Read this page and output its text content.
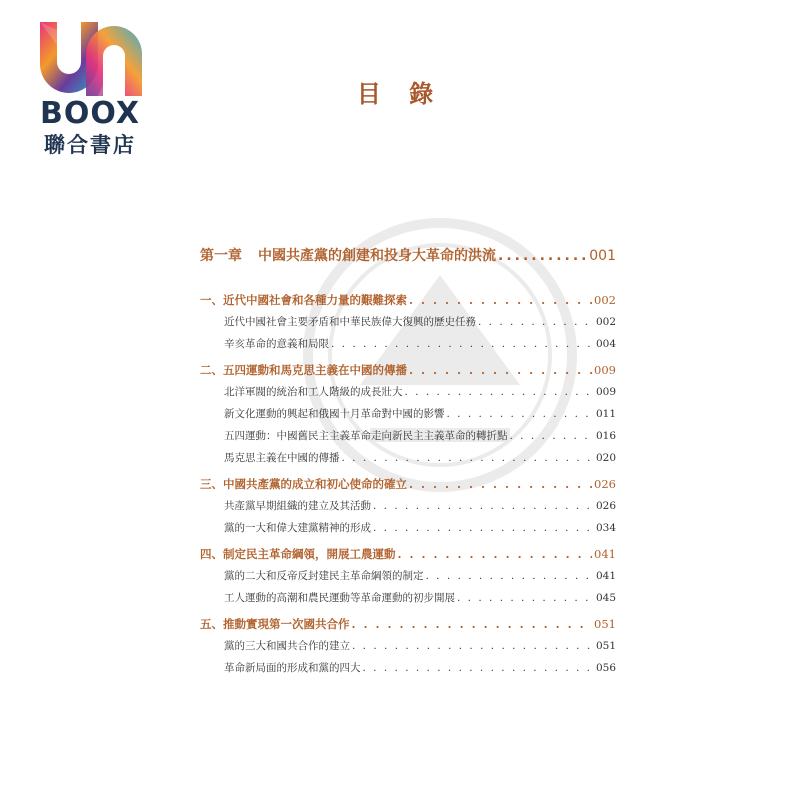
BOOX
聯合書店
目 錄
第一章 中國共產黨的創建和投身大革命的洪流 .....	001
一、近代中國社會和各種力量的艱難探索 . . .	002
近代中國社會主要矛盾和中華民族偉大復興的歷史任務 . . .	002
辛亥革命的意義和局限 . . .	004
二、五四運動和馬克思主義在中國的傳播 . . .	009
北洋軍閥的統治和工人階級的成長壯大 . . .	009
新文化運動的興起和俄國十月革命對中國的影響 . . .	011
五四運動：中國舊民主主義革命走向新民主主義革命的轉折點 . . .	016
馬克思主義在中國的傳播 . . .	020
三、中國共產黨的成立和初心使命的確立 . . .	026
共產黨早期組織的建立及其活動 . . .	026
黨的一大和偉大建黨精神的形成 . . .	034
四、制定民主革命綱領，開展工農運動 . . .	041
黨的二大和反帝反封建民主革命綱領的制定 . . .	041
工人運動的高潮和農民運動等革命運動的初步開展 . . .	045
五、推動實現第一次國共合作 . . .	051
黨的三大和國共合作的建立 . . .	051
革命新局面的形成和黨的四大 . . .	056
